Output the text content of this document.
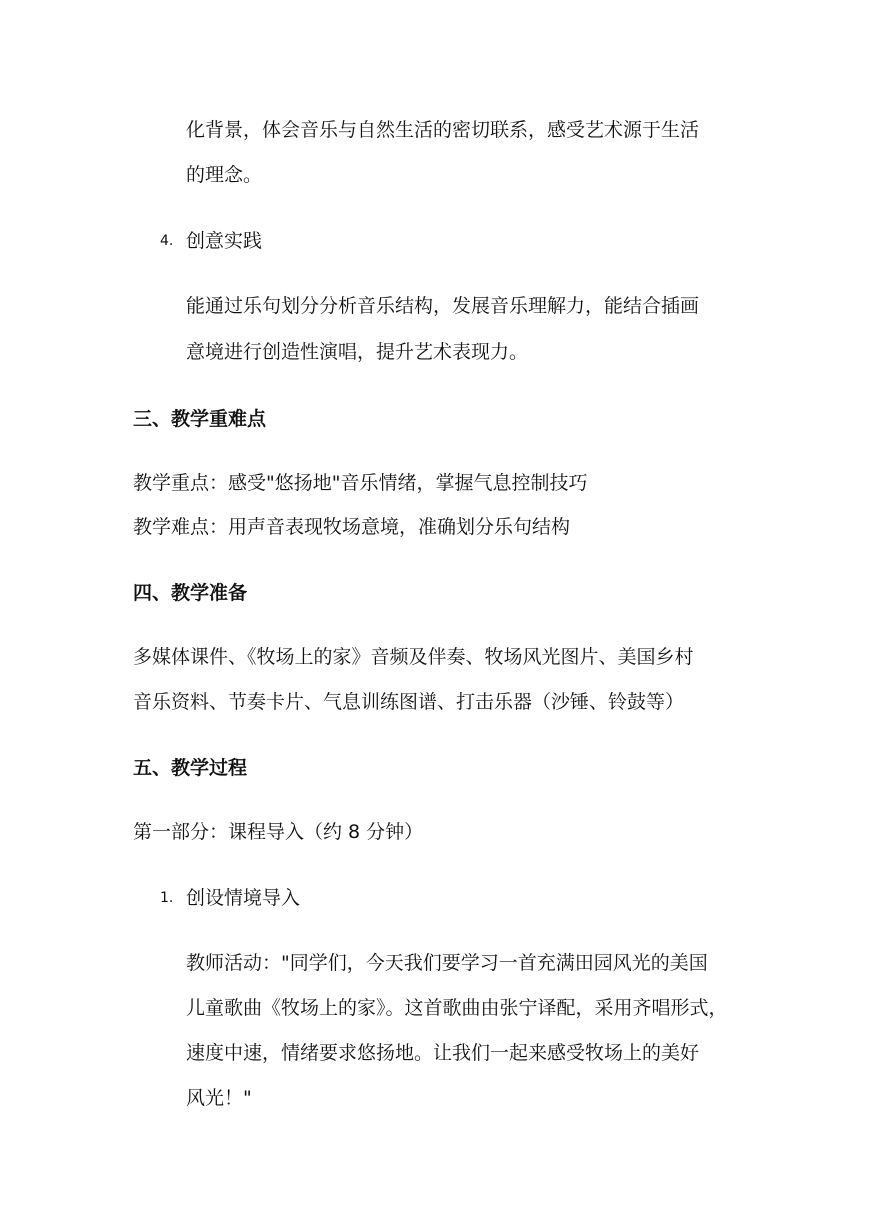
化背景，体会音乐与自然生活的密切联系，感受艺术源于生活

的理念。

4. 创意实践

能通过乐句划分分析音乐结构，发展音乐理解力，能结合插画

意境进行创造性演唱，提升艺术表现力。

三、教学重难点

教学重点：感受"悠扬地"音乐情绪，掌握气息控制技巧

教学难点：用声音表现牧场意境，准确划分乐句结构

四、教学准备

多媒体课件、《牧场上的家》音频及伴奏、牧场风光图片、美国乡村

音乐资料、节奏卡片、气息训练图谱、打击乐器（沙锤、铃鼓等）

五、教学过程

第一部分：课程导入（约 8 分钟）

1. 创设情境导入

教师活动："同学们，今天我们要学习一首充满田园风光的美国

儿童歌曲《牧场上的家》。这首歌曲由张宁译配，采用齐唱形式，

速度中速，情绪要求悠扬地。让我们一起来感受牧场上的美好

风光！"
